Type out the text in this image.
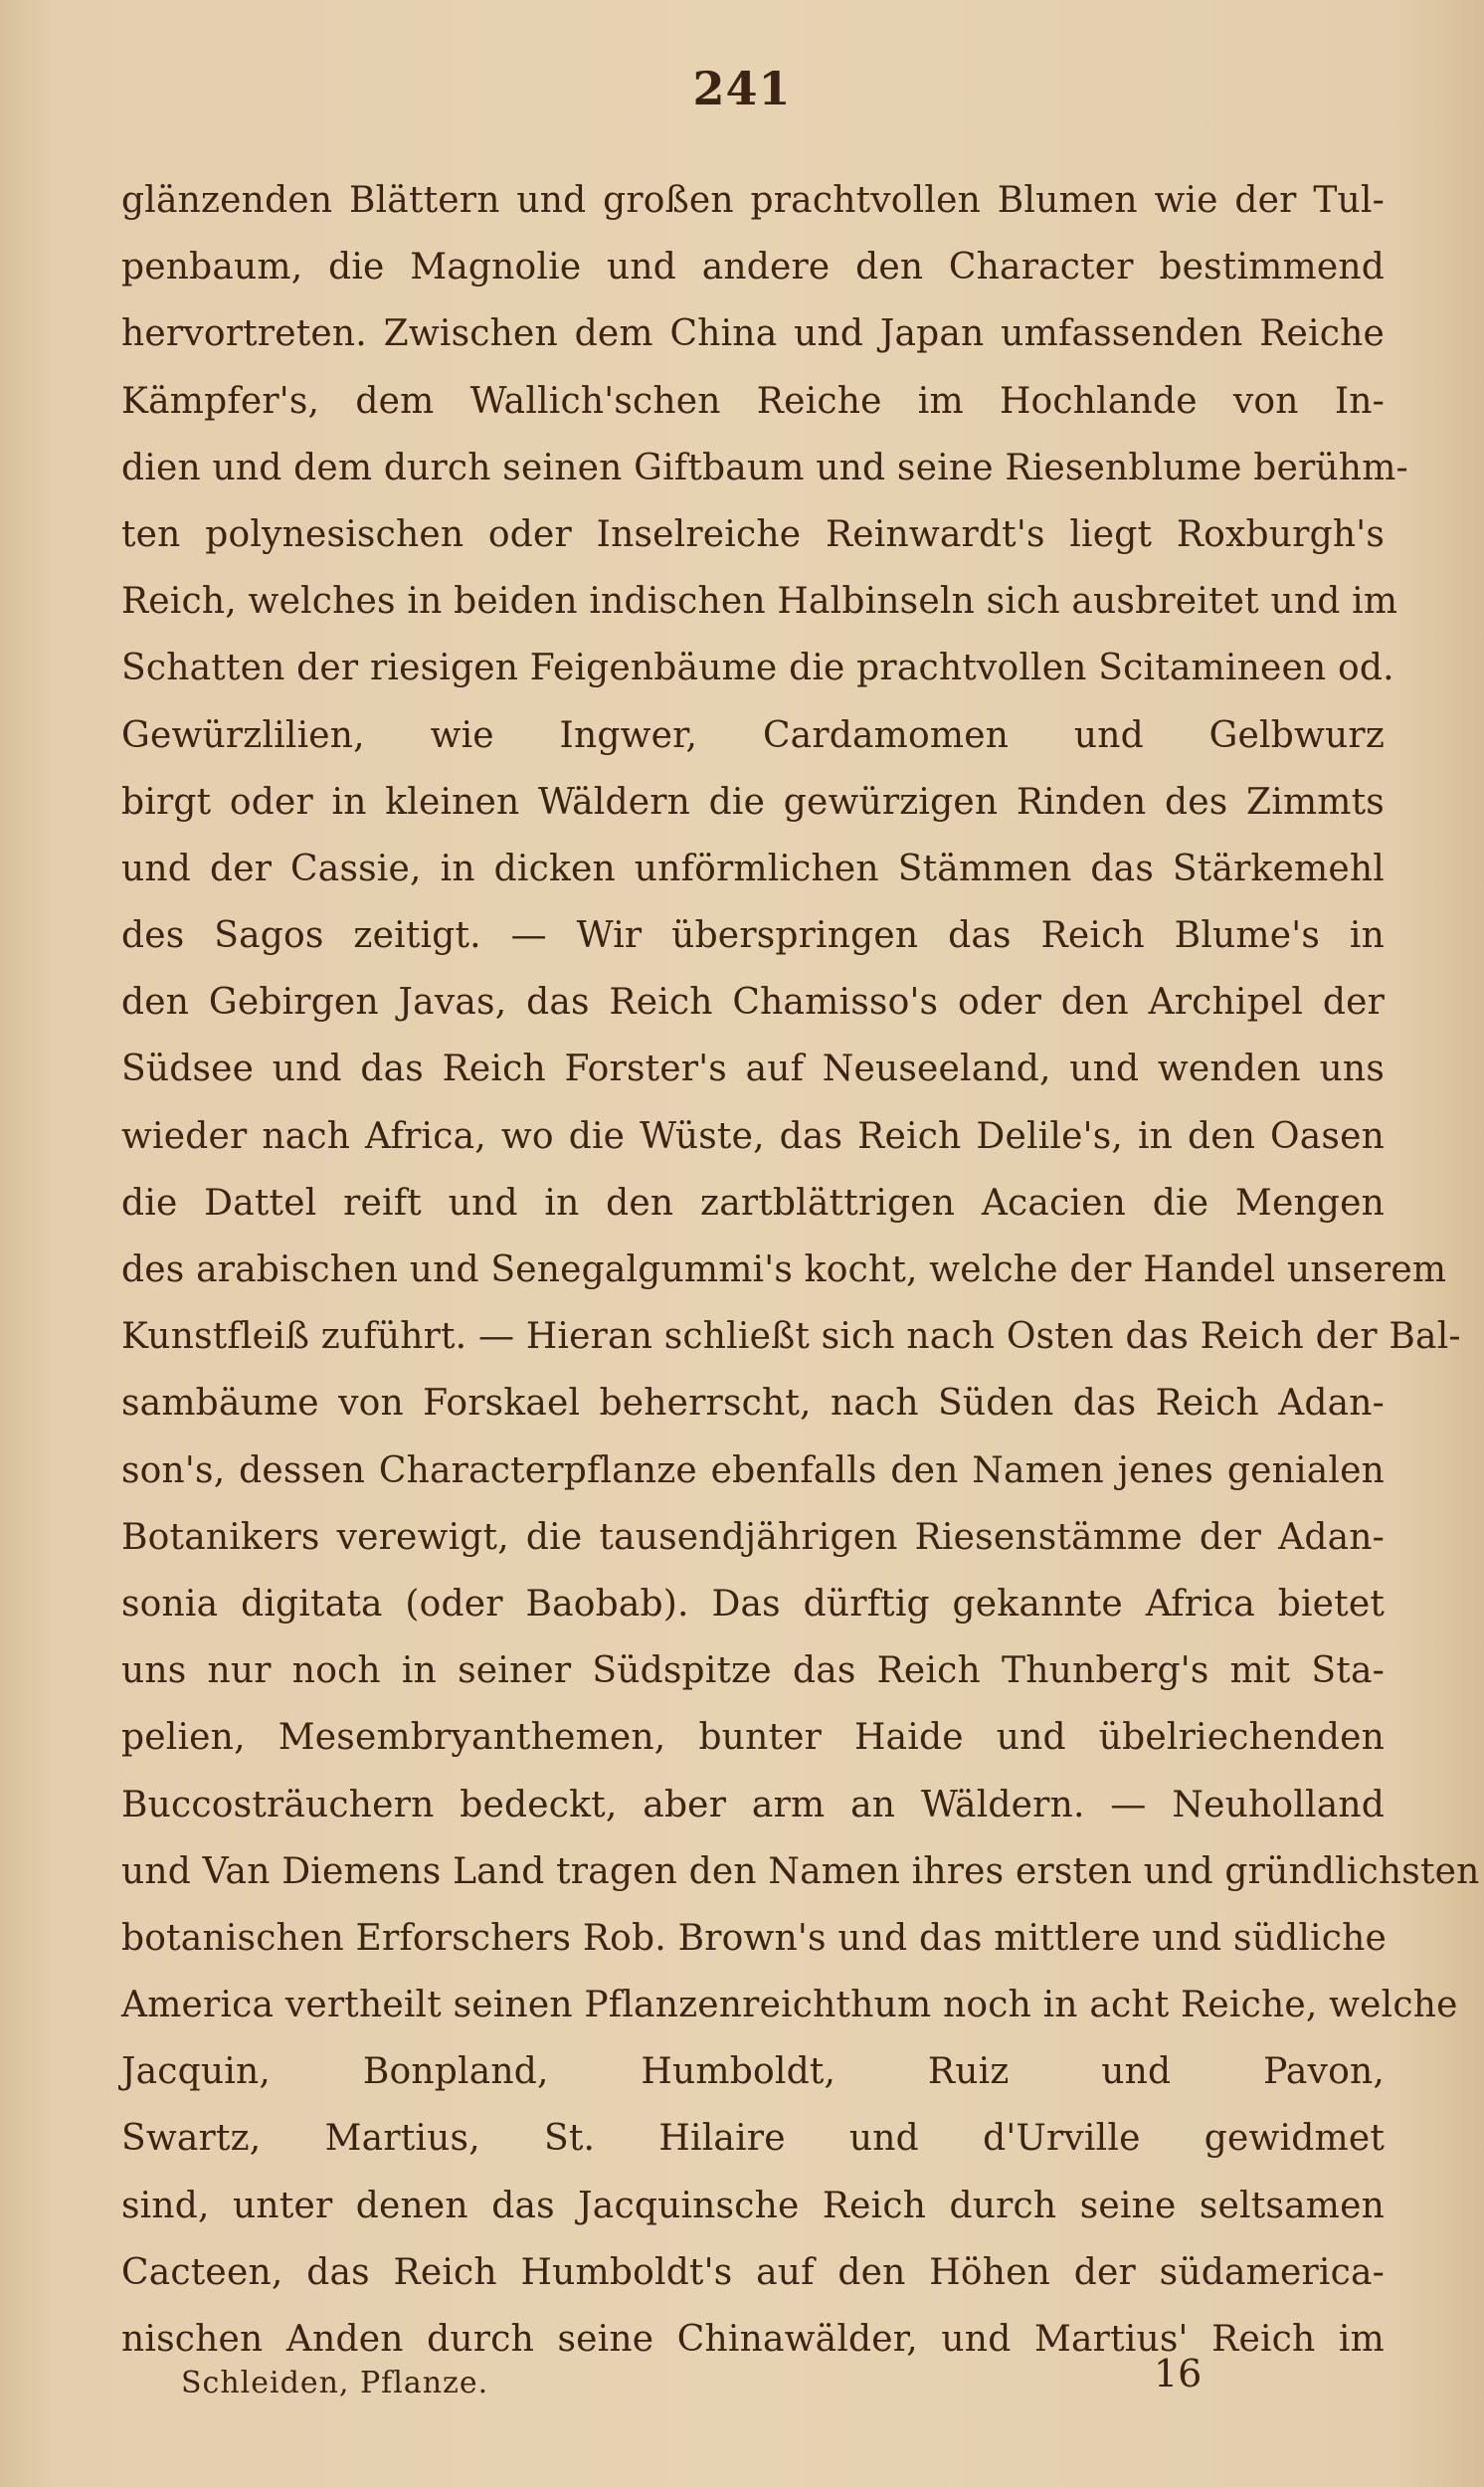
241
glänzenden Blättern und großen prachtvollen Blumen wie der Tul-
penbaum, die Magnolie und andere den Character bestimmend
hervortreten. Zwischen dem China und Japan umfassenden Reiche
Kämpfer's, dem Wallich'schen Reiche im Hochlande von In-
dien und dem durch seinen Giftbaum und seine Riesenblume berühm-
ten polynesischen oder Inselreiche Reinwardt's liegt Roxburgh's
Reich, welches in beiden indischen Halbinseln sich ausbreitet und im
Schatten der riesigen Feigenbäume die prachtvollen Scitamineen od.
Gewürzlilien, wie Ingwer, Cardamomen und Gelbwurz
birgt oder in kleinen Wäldern die gewürzigen Rinden des Zimmts
und der Cassie, in dicken unförmlichen Stämmen das Stärkemehl
des Sagos zeitigt. — Wir überspringen das Reich Blume's in
den Gebirgen Javas, das Reich Chamisso's oder den Archipel der
Südsee und das Reich Forster's auf Neuseeland, und wenden uns
wieder nach Africa, wo die Wüste, das Reich Delile's, in den Oasen
die Dattel reift und in den zartblättrigen Acacien die Mengen
des arabischen und Senegalgummi's kocht, welche der Handel unserem
Kunstfleiß zuführt. — Hieran schließt sich nach Osten das Reich der Bal-
sambäume von Forskael beherrscht, nach Süden das Reich Adan-
son's, dessen Characterpflanze ebenfalls den Namen jenes genialen
Botanikers verewigt, die tausendjährigen Riesenstämme der Adan-
sonia digitata (oder Baobab). Das dürftig gekannte Africa bietet
uns nur noch in seiner Südspitze das Reich Thunberg's mit Sta-
pelien, Mesembryanthemen, bunter Haide und übelriechenden
Buccosträuchern bedeckt, aber arm an Wäldern. — Neuholland
und Van Diemens Land tragen den Namen ihres ersten und gründlichsten
botanischen Erforschers Rob. Brown's und das mittlere und südliche
America vertheilt seinen Pflanzenreichthum noch in acht Reiche, welche
Jacquin, Bonpland, Humboldt, Ruiz und Pavon,
Swartz, Martius, St. Hilaire und d'Urville gewidmet
sind, unter denen das Jacquinsche Reich durch seine seltsamen
Cacteen, das Reich Humboldt's auf den Höhen der südamerica-
nischen Anden durch seine Chinawälder, und Martius' Reich im
Schleiden, Pflanze.	16
